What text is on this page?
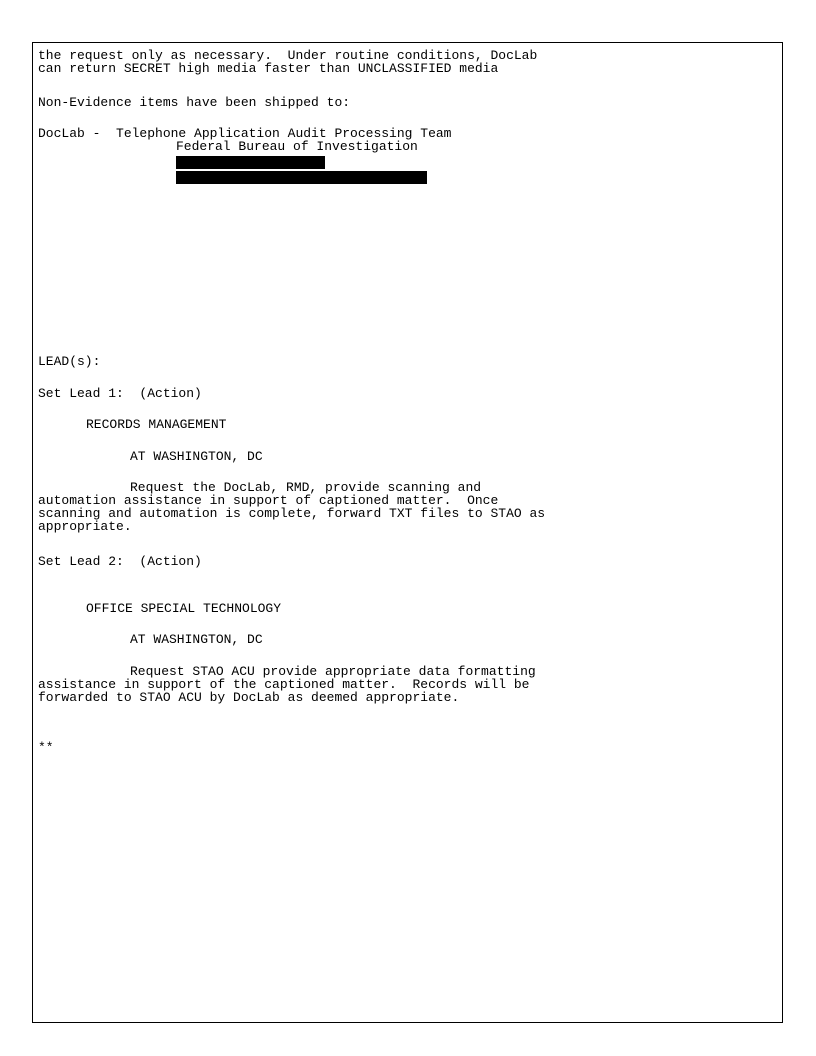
the request only as necessary.  Under routine conditions, DocLab

can return SECRET high media faster than UNCLASSIFIED media

Non-Evidence items have been shipped to:

DocLab -  Telephone Application Audit Processing Team

Federal Bureau of Investigation

LEAD(s):

Set Lead 1:  (Action)

RECORDS MANAGEMENT

AT WASHINGTON, DC

Request the DocLab, RMD, provide scanning and

automation assistance in support of captioned matter.  Once

scanning and automation is complete, forward TXT files to STAO as

appropriate.

Set Lead 2:  (Action)

OFFICE SPECIAL TECHNOLOGY

AT WASHINGTON, DC

Request STAO ACU provide appropriate data formatting

assistance in support of the captioned matter.  Records will be

forwarded to STAO ACU by DocLab as deemed appropriate.

**
